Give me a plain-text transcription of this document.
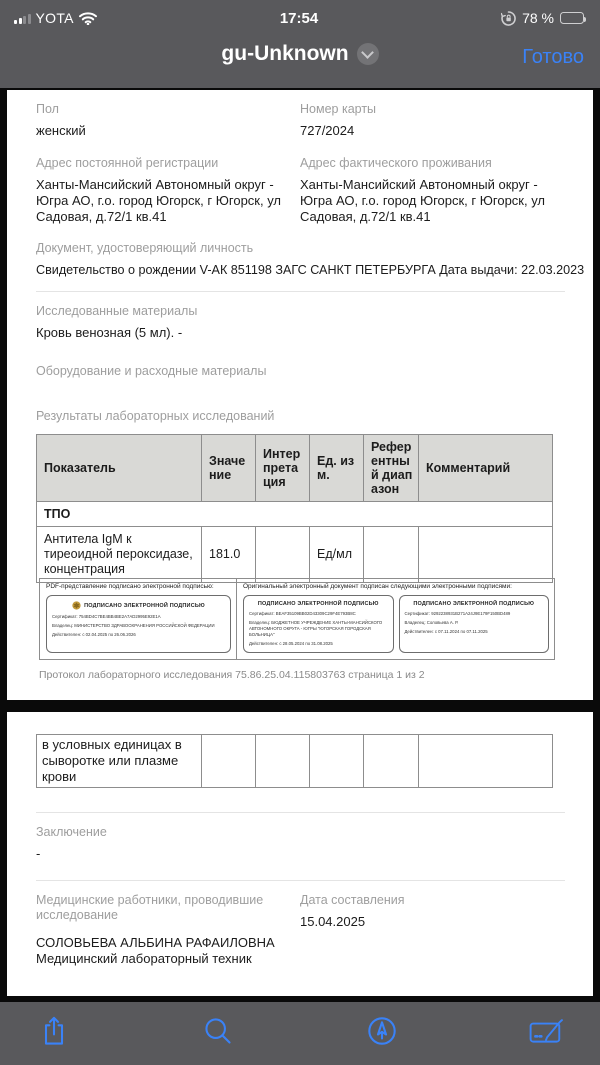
YOTA	17:54	78 %
gu-Unknown	Готово
Пол
женский
Номер карты
727/2024
Адрес постоянной регистрации
Ханты-Мансийский Автономный округ - Югра АО, г.о. город Югорск, г Югорск, ул Садовая, д.72/1 кв.41
Адрес фактического проживания
Ханты-Мансийский Автономный округ - Югра АО, г.о. город Югорск, г Югорск, ул Садовая, д.72/1 кв.41
Документ, удостоверяющий личность
Свидетельство о рождении V-АК 851198 ЗАГС САНКТ ПЕТЕРБУРГА Дата выдачи: 22.03.2023
Исследованные материалы
Кровь венозная (5 мл). -
Оборудование и расходные материалы
Результаты лабораторных исследований
Показатель	Значение	Интерпретация	Ед. изм.	Референтный диапазон	Комментарий
ТПО					
Антитела IgM к тиреоидной пероксидазе, концентрация	181.0		Ед/мл		
PDF-представление подписано электронной подписью:
ПОДПИСАНО ЭЛЕКТРОННОЙ ПОДПИСЬЮ
Сертификат: 754BD4C7BE4BB4BE2A7AD2995E92E1A
Владелец: МИНИСТЕРСТВО ЗДРАВООХРАНЕНИЯ РОССИЙСКОЙ ФЕДЕРАЦИИ
Действителен: с 02.04.2025 по 26.06.2026
Оригинальный электронный документ подписан следующими электронными подписями:
ПОДПИСАНО ЭЛЕКТРОННОЙ ПОДПИСЬЮ
Сертификат: BEAF35109BB02D43309C29F4E793B8C
Владелец: БЮДЖЕТНОЕ УЧРЕЖДЕНИЕ ХАНТЫ-МАНСИЙСКОГО АВТОНОМНОГО ОКРУГА - ЮГРЫ "ЮГОРСКАЯ ГОРОДСКАЯ БОЛЬНИЦА"
Действителен: с 28.05.2024 по 31.08.2025
ПОДПИСАНО ЭЛЕКТРОННОЙ ПОДПИСЬЮ
Сертификат: 9292238931B271A24J9E179F150BD489
Владелец: Соловьева А. Р.
Действителен: с 07.11.2024 по 07.11.2025
Протокол лабораторного исследования 75.86.25.04.115803763 страница 1 из 2
в условных единицах в сыворотке или плазме крови					
Заключение
-
Медицинские работники, проводившие исследование
СОЛОВЬЕВА АЛЬБИНА РАФАИЛОВНА
Медицинский лабораторный техник
Дата составления
15.04.2025
